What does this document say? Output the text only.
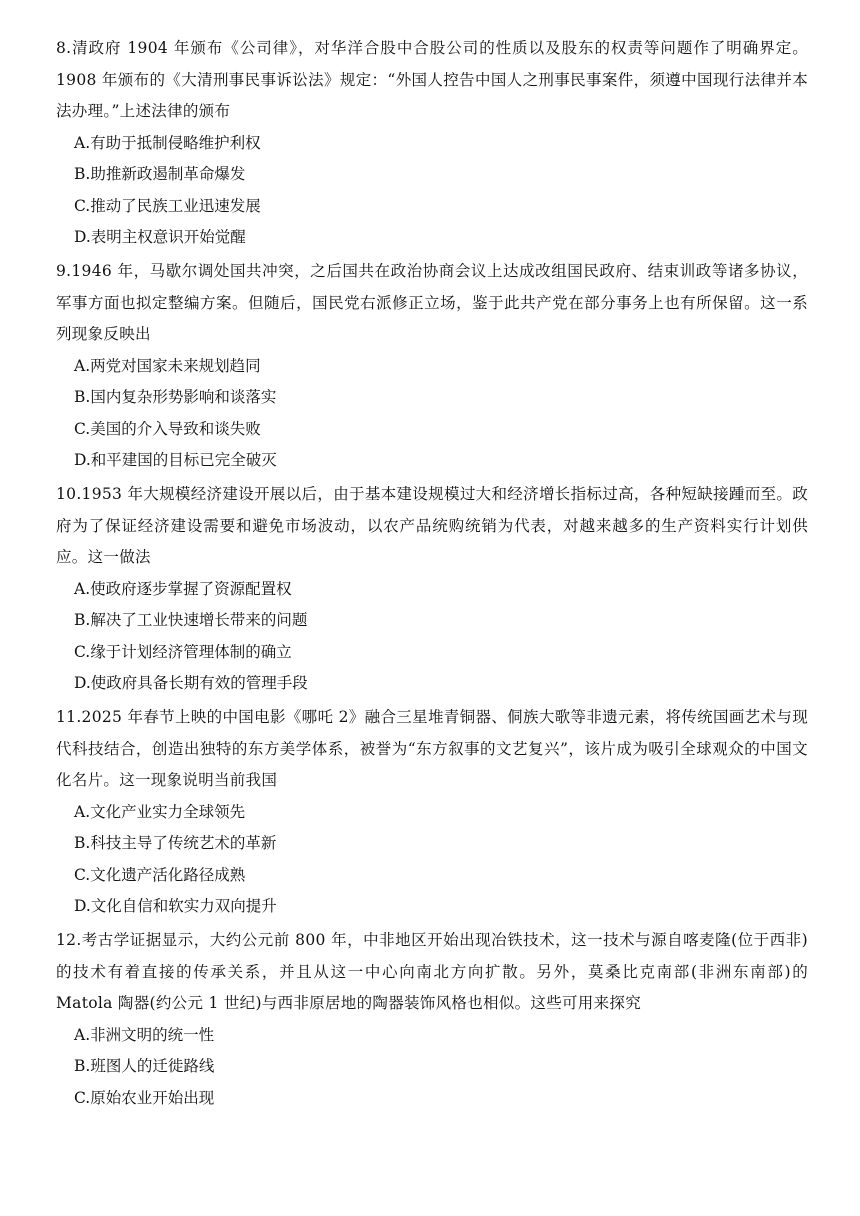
8.清政府 1904 年颁布《公司律》，对华洋合股中合股公司的性质以及股东的权责等问题作了明确界定。1908 年颁布的《大清刑事民事诉讼法》规定：“外国人控告中国人之刑事民事案件，须遵中国现行法律并本法办理。”上述法律的颁布
A.有助于抵制侵略维护利权
B.助推新政遏制革命爆发
C.推动了民族工业迅速发展
D.表明主权意识开始觉醒
9.1946 年，马歇尔调处国共冲突，之后国共在政治协商会议上达成改组国民政府、结束训政等诸多协议，军事方面也拟定整编方案。但随后，国民党右派修正立场，鉴于此共产党在部分事务上也有所保留。这一系列现象反映出
A.两党对国家未来规划趋同
B.国内复杂形势影响和谈落实
C.美国的介入导致和谈失败
D.和平建国的目标已完全破灭
10.1953 年大规模经济建设开展以后，由于基本建设规模过大和经济增长指标过高，各种短缺接踵而至。政府为了保证经济建设需要和避免市场波动，以农产品统购统销为代表，对越来越多的生产资料实行计划供应。这一做法
A.使政府逐步掌握了资源配置权
B.解决了工业快速增长带来的问题
C.缘于计划经济管理体制的确立
D.使政府具备长期有效的管理手段
11.2025 年春节上映的中国电影《哪吒 2》融合三星堆青铜器、侗族大歌等非遗元素，将传统国画艺术与现代科技结合，创造出独特的东方美学体系，被誉为“东方叙事的文艺复兴”，该片成为吸引全球观众的中国文化名片。这一现象说明当前我国
A.文化产业实力全球领先
B.科技主导了传统艺术的革新
C.文化遗产活化路径成熟
D.文化自信和软实力双向提升
12.考古学证据显示，大约公元前 800 年，中非地区开始出现冶铁技术，这一技术与源自喀麦隆(位于西非)的技术有着直接的传承关系，并且从这一中心向南北方向扩散。另外，莫桑比克南部(非洲东南部)的 Matola 陶器(约公元 1 世纪)与西非原居地的陶器装饰风格也相似。这些可用来探究
A.非洲文明的统一性
B.班图人的迁徙路线
C.原始农业开始出现
